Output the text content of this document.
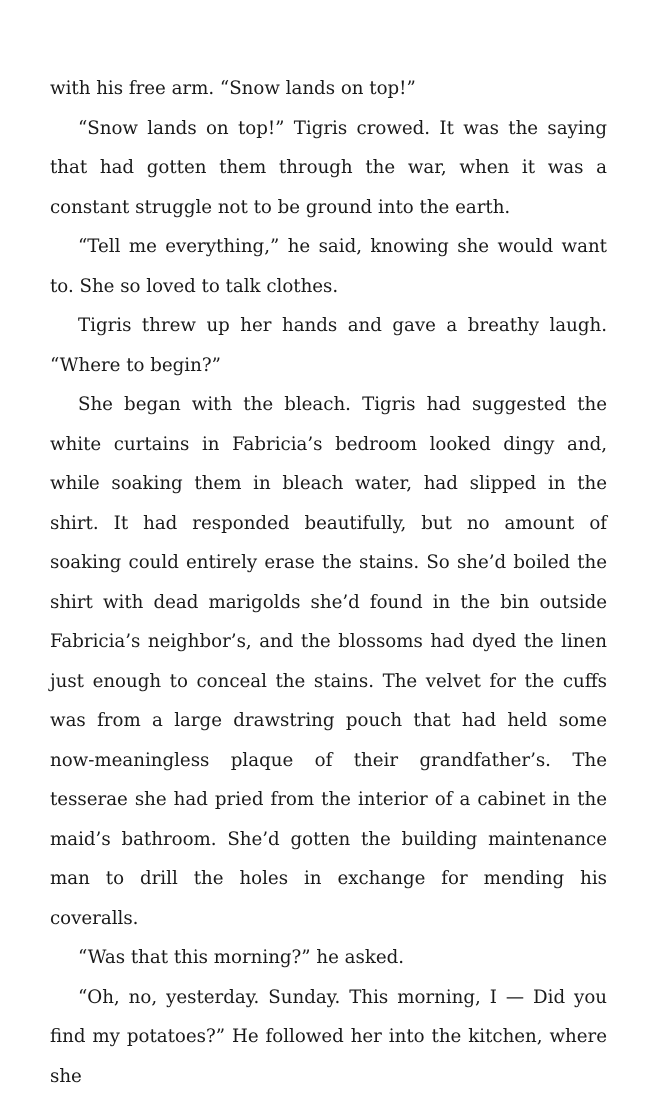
with his free arm. “Snow lands on top!”

“Snow lands on top!” Tigris crowed. It was the saying that had gotten them through the war, when it was a constant struggle not to be ground into the earth.

“Tell me everything,” he said, knowing she would want to. She so loved to talk clothes.

Tigris threw up her hands and gave a breathy laugh. “Where to begin?”

She began with the bleach. Tigris had suggested the white curtains in Fabricia’s bedroom looked dingy and, while soaking them in bleach water, had slipped in the shirt. It had responded beautifully, but no amount of soaking could entirely erase the stains. So she’d boiled the shirt with dead marigolds she’d found in the bin outside Fabricia’s neighbor’s, and the blossoms had dyed the linen just enough to conceal the stains. The velvet for the cuffs was from a large drawstring pouch that had held some now-meaningless plaque of their grandfather’s. The tesserae she had pried from the interior of a cabinet in the maid’s bathroom. She’d gotten the building maintenance man to drill the holes in exchange for mending his coveralls.

“Was that this morning?” he asked.

“Oh, no, yesterday. Sunday. This morning, I — Did you find my potatoes?” He followed her into the kitchen, where she
